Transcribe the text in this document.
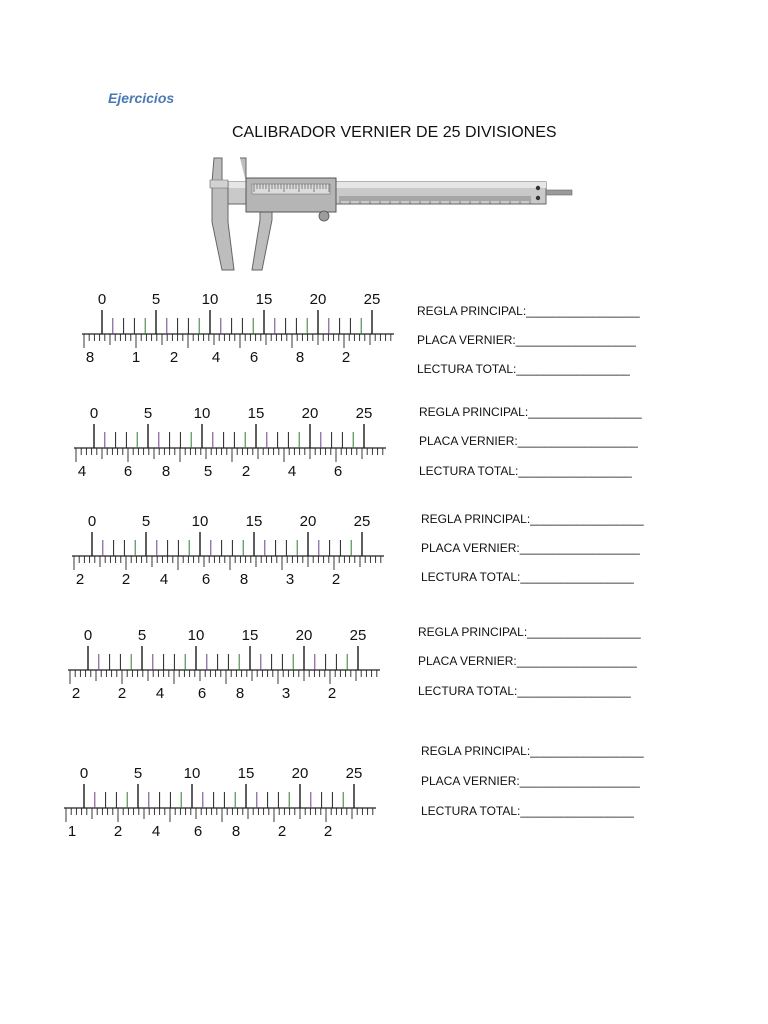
Ejercicios
CALIBRADOR VERNIER DE 25 DIVISIONES
0	5	10 15 20 25
8	1 2 4 6	8	2
REGLA PRINCIPAL:_________________
PLACA VERNIER:__________________
LECTURA TOTAL:_________________
0	5	10 15 20 25
4	6 8 5 2	4	6
REGLA PRINCIPAL:_________________
PLACA VERNIER:__________________
LECTURA TOTAL:_________________
0	5	10 15 20 25
2	2 4 6 8	3	2
REGLA PRINCIPAL:_________________
PLACA VERNIER:__________________
LECTURA TOTAL:_________________
0	5	10 15 20 25
2	2 4 6 8	3	2
REGLA PRINCIPAL:_________________
PLACA VERNIER:__________________
LECTURA TOTAL:_________________
0	5	10 15 20 25
1	2 4 6 8	2	2
REGLA PRINCIPAL:_________________
PLACA VERNIER:__________________
LECTURA TOTAL:_________________
